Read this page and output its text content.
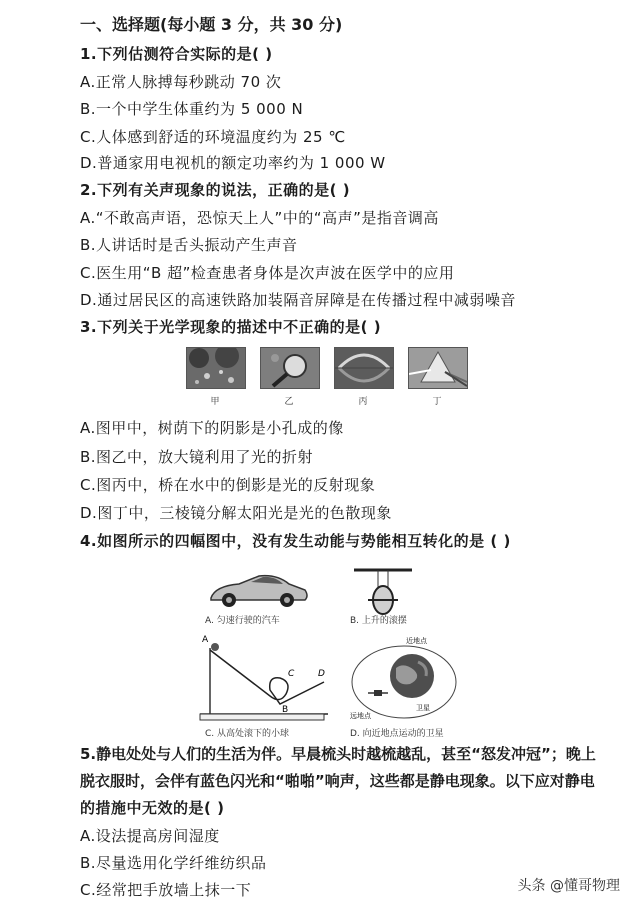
一、选择题(每小题 3 分，共 30 分)
1.下列估测符合实际的是( )
A.正常人脉搏每秒跳动 70 次
B.一个中学生体重约为 5 000 N
C.人体感到舒适的环境温度约为 25 ℃
D.普通家用电视机的额定功率约为 1 000 W
2.下列有关声现象的说法，正确的是( )
A.“不敢高声语，恐惊天上人”中的“高声”是指音调高
B.人讲话时是舌头振动产生声音
C.医生用“B 超”检查患者身体是次声波在医学中的应用
D.通过居民区的高速铁路加装隔音屏障是在传播过程中减弱噪音
3.下列关于光学现象的描述中不正确的是( )
甲	乙	丙	丁
A.图甲中，树荫下的阴影是小孔成的像
B.图乙中，放大镜利用了光的折射
C.图丙中，桥在水中的倒影是光的反射现象
D.图丁中，三棱镜分解太阳光是光的色散现象
4.如图所示的四幅图中，没有发生动能与势能相互转化的是 ( )
A. 匀速行驶的汽车	B. 上升的滚摆
A
B
C	D
C. 从高处滚下的小球
近地点
远地点
卫星
D. 向近地点运动的卫星
5.静电处处与人们的生活为伴。早晨梳头时越梳越乱，甚至“怒发冲冠”；晚上
脱衣服时，会伴有蓝色闪光和“啪啪”响声，这些都是静电现象。以下应对静电
的措施中无效的是( )
A.设法提高房间湿度
B.尽量选用化学纤维纺织品
C.经常把手放墙上抹一下	头条 @懂哥物理
